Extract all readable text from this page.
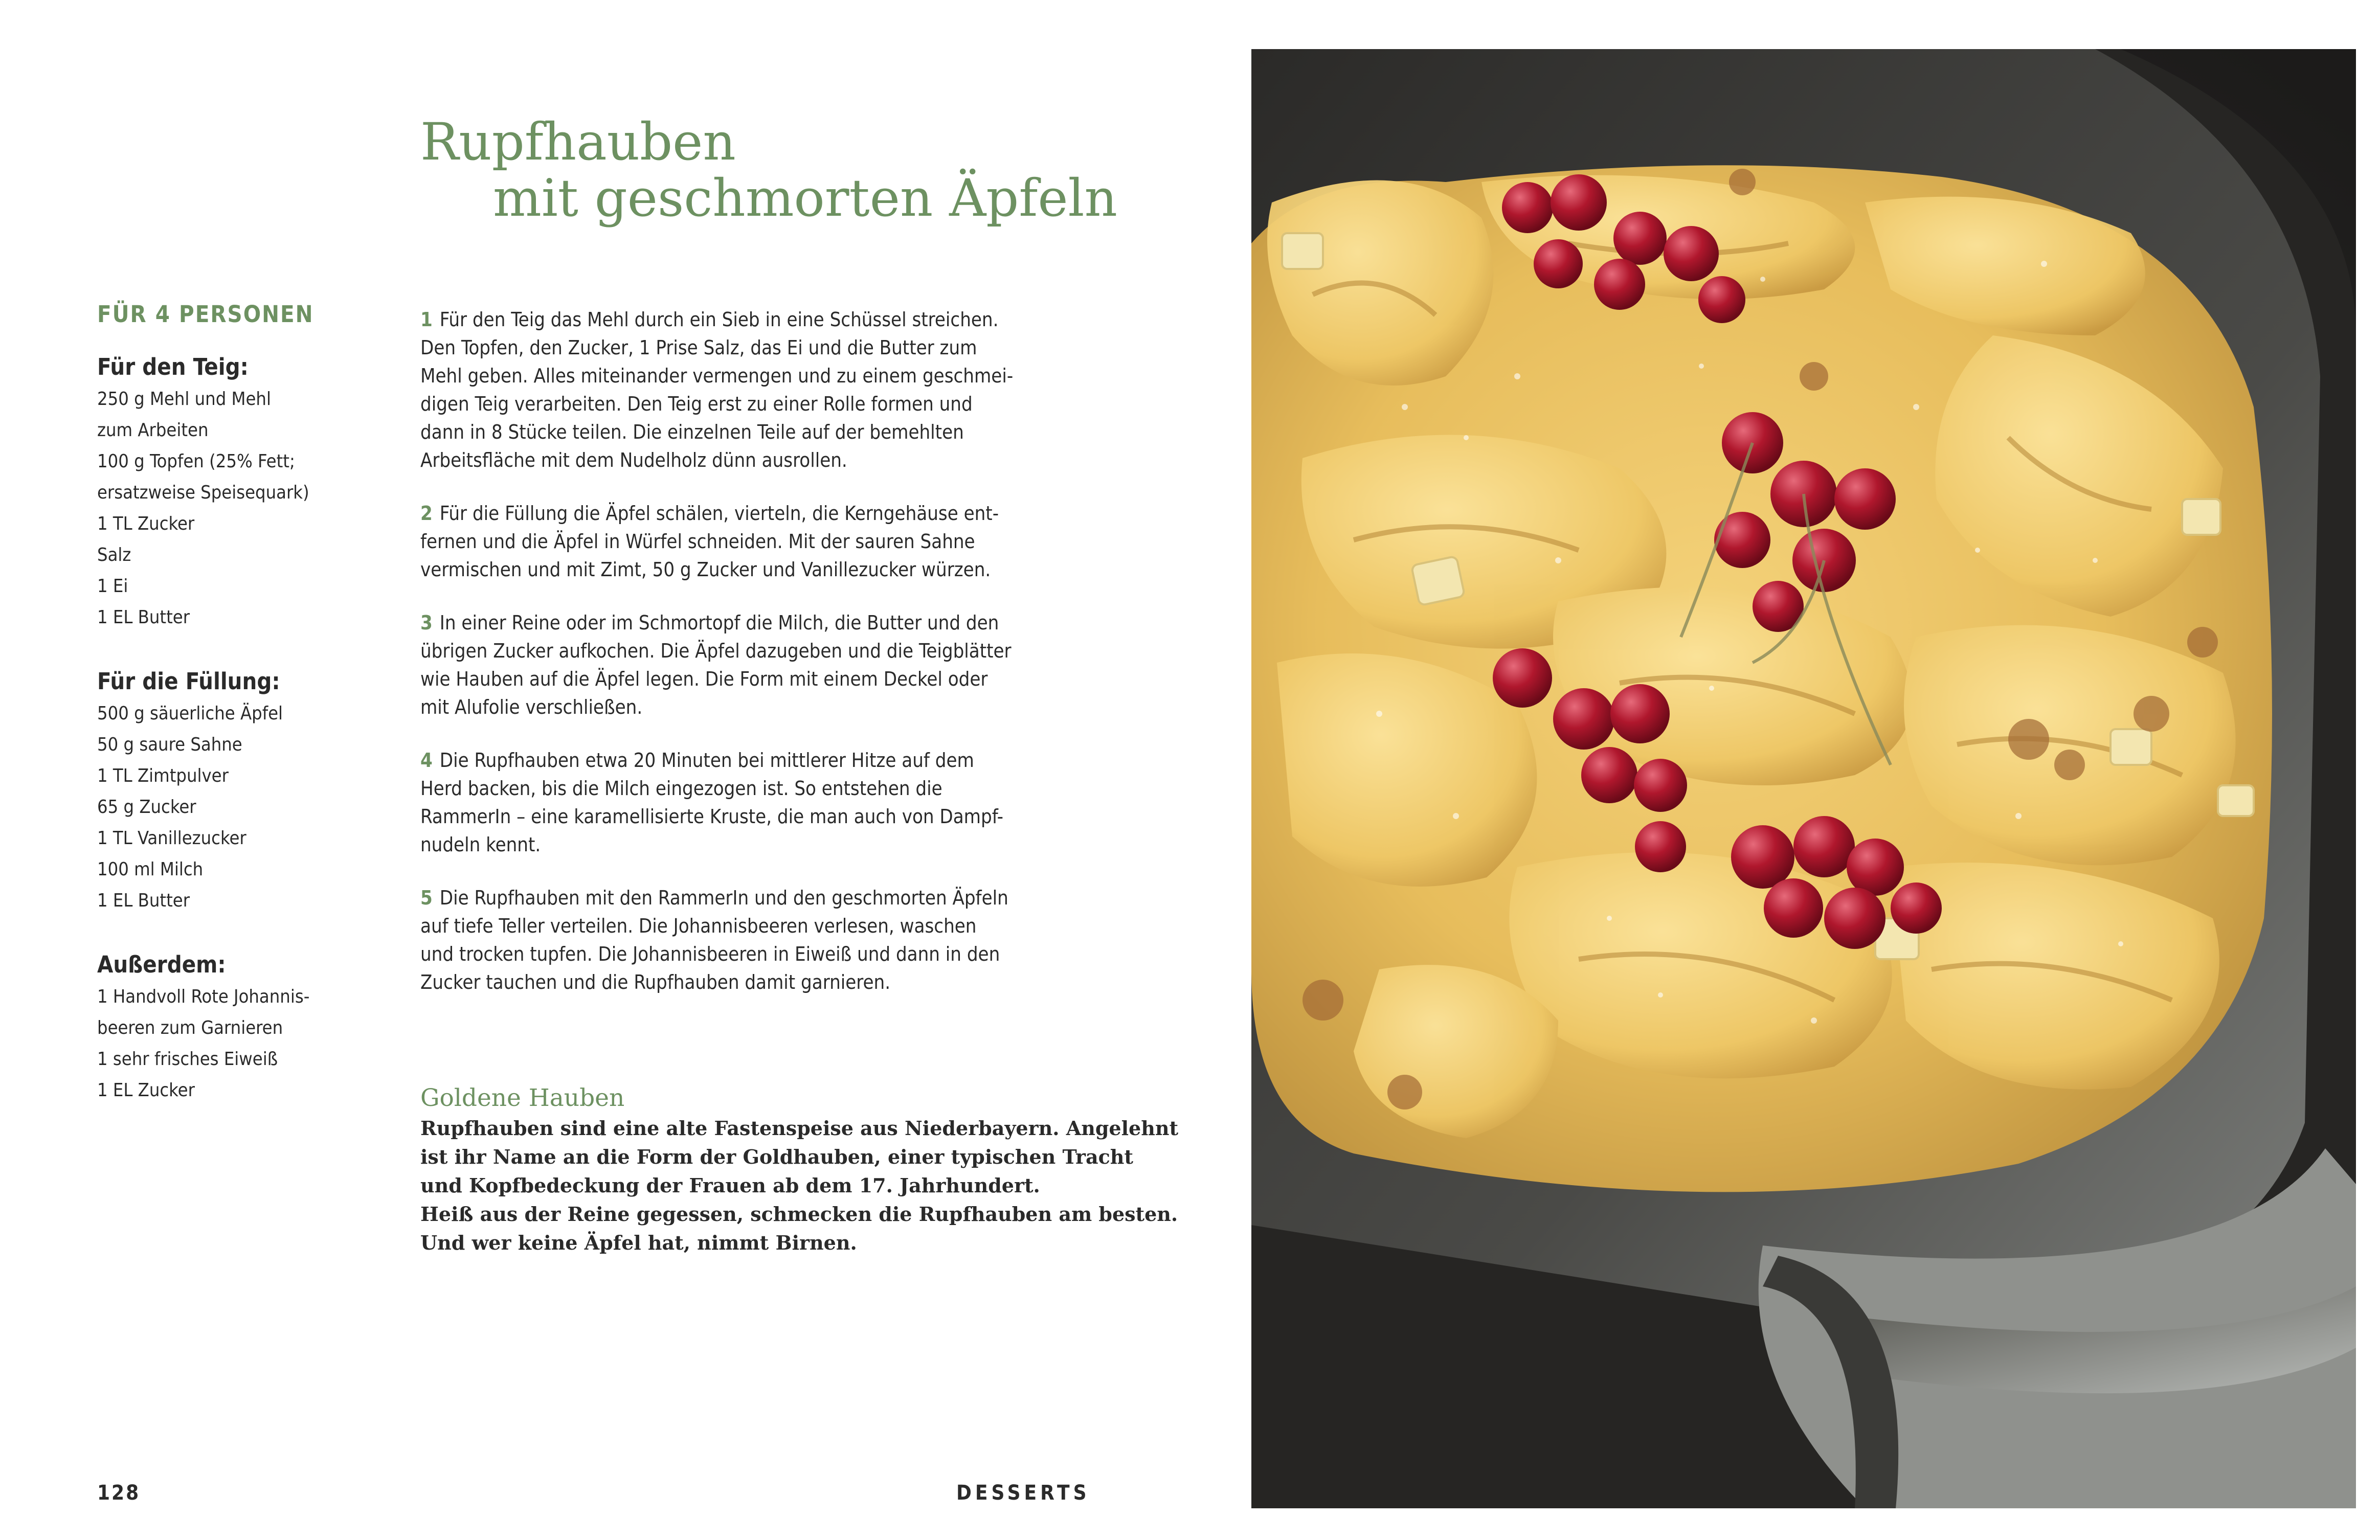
Rupfhauben
mit geschmorten Äpfeln
FÜR 4 PERSONEN
Für den Teig:
250 g Mehl und Mehl
zum Arbeiten
100 g Topfen (25% Fett;
ersatzweise Speisequark)
1 TL Zucker
Salz
1 Ei
1 EL Butter
Für die Füllung:
500 g säuerliche Äpfel
50 g saure Sahne
1 TL Zimtpulver
65 g Zucker
1 TL Vanillezucker
100 ml Milch
1 EL Butter
Außerdem:
1 Handvoll Rote Johannis-
beeren zum Garnieren
1 sehr frisches Eiweiß
1 EL Zucker

1 Für den Teig das Mehl durch ein Sieb in eine Schüssel streichen.
Den Topfen, den Zucker, 1 Prise Salz, das Ei und die Butter zum
Mehl geben. Alles miteinander vermengen und zu einem geschmei-
digen Teig verarbeiten. Den Teig erst zu einer Rolle formen und
dann in 8 Stücke teilen. Die einzelnen Teile auf der bemehlten
Arbeitsfläche mit dem Nudelholz dünn ausrollen.

2 Für die Füllung die Äpfel schälen, vierteln, die Kerngehäuse ent-
fernen und die Äpfel in Würfel schneiden. Mit der sauren Sahne
vermischen und mit Zimt, 50 g Zucker und Vanillezucker würzen.

3 In einer Reine oder im Schmortopf die Milch, die Butter und den
übrigen Zucker aufkochen. Die Äpfel dazugeben und die Teigblätter
wie Hauben auf die Äpfel legen. Die Form mit einem Deckel oder
mit Alufolie verschließen.

4 Die Rupfhauben etwa 20 Minuten bei mittlerer Hitze auf dem
Herd backen, bis die Milch eingezogen ist. So entstehen die
RammerIn – eine karamellisierte Kruste, die man auch von Dampf-
nudeln kennt.

5 Die Rupfhauben mit den RammerIn und den geschmorten Äpfeln
auf tiefe Teller verteilen. Die Johannisbeeren verlesen, waschen
und trocken tupfen. Die Johannisbeeren in Eiweiß und dann in den
Zucker tauchen und die Rupfhauben damit garnieren.

Goldene Hauben

Rupfhauben sind eine alte Fastenspeise aus Niederbayern. Angelehnt
ist ihr Name an die Form der Goldhauben, einer typischen Tracht
und Kopfbedeckung der Frauen ab dem 17. Jahrhundert.
Heiß aus der Reine gegessen, schmecken die Rupfhauben am besten.
Und wer keine Äpfel hat, nimmt Birnen.

128	DESSERTS
